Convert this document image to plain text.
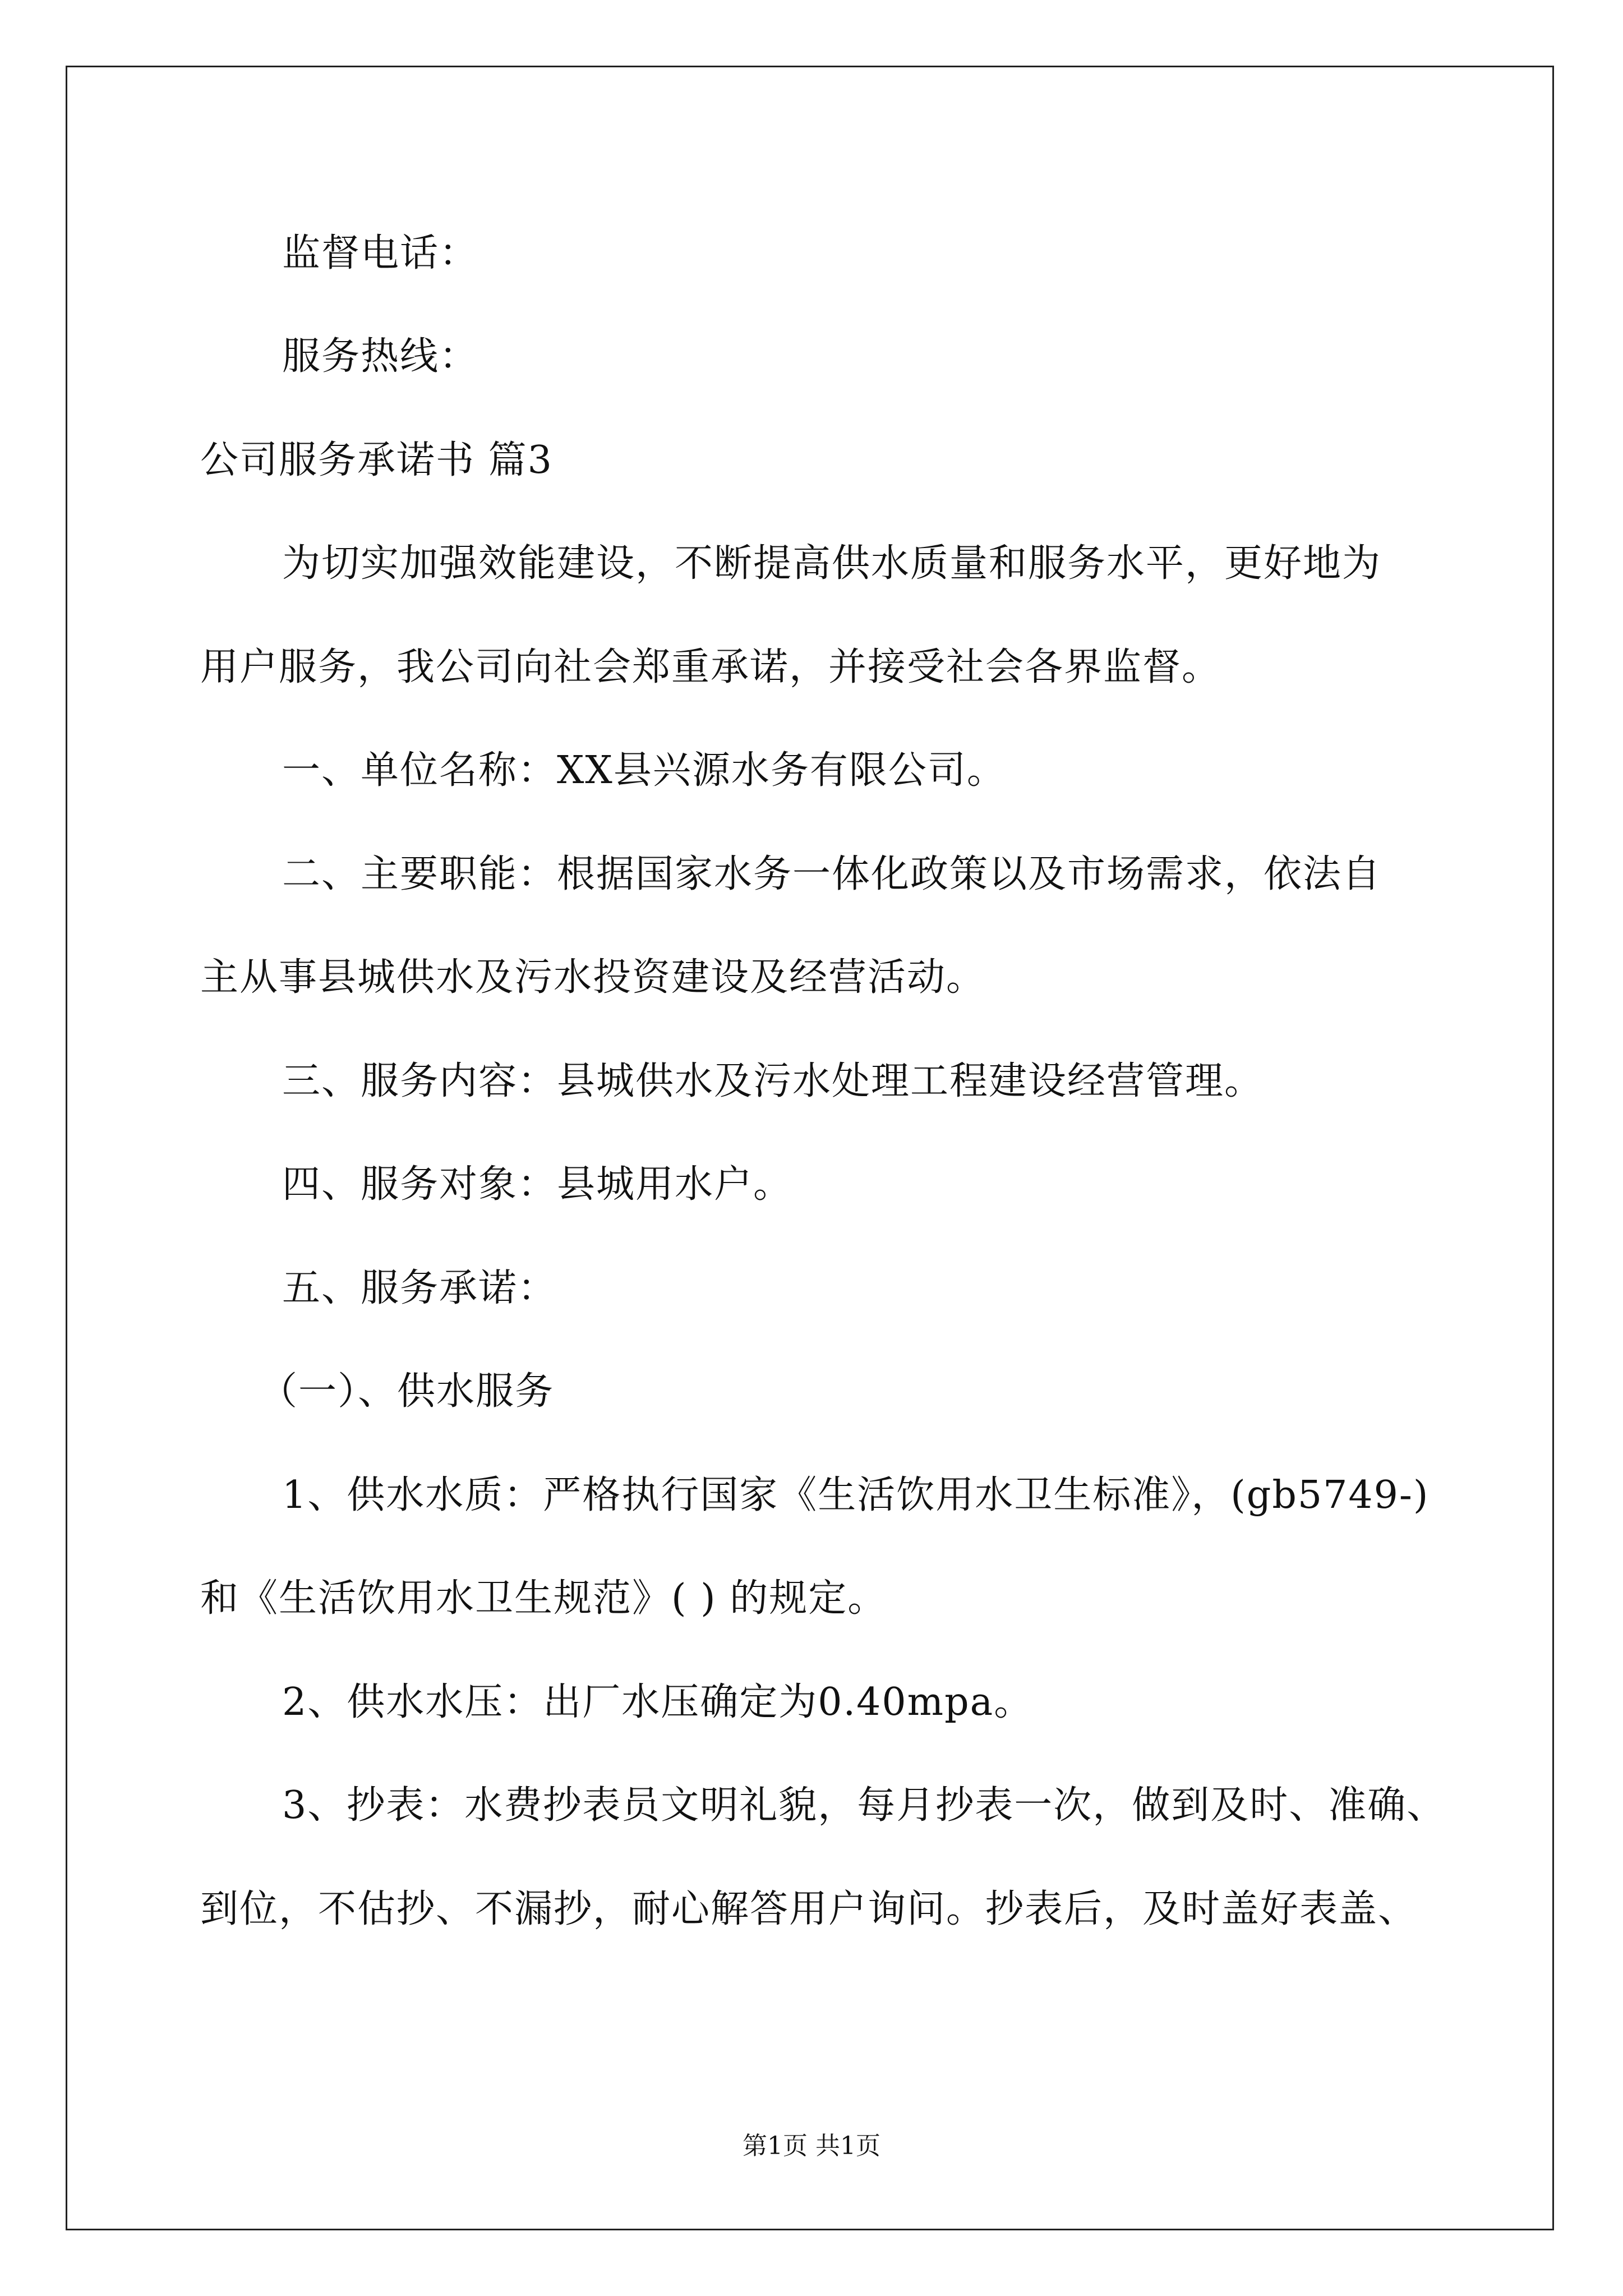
监督电话：
服务热线：
公司服务承诺书 篇3
为切实加强效能建设，不断提高供水质量和服务水平，更好地为
用户服务，我公司向社会郑重承诺，并接受社会各界监督。
一、单位名称：XX县兴源水务有限公司。
二、主要职能：根据国家水务一体化政策以及市场需求，依法自
主从事县城供水及污水投资建设及经营活动。
三、服务内容：县城供水及污水处理工程建设经营管理。
四、服务对象：县城用水户。
五、服务承诺：
（一）、供水服务
1、供水水质：严格执行国家《生活饮用水卫生标准》，(gb5749-)
和《生活饮用水卫生规范》( ) 的规定。
2、供水水压：出厂水压确定为0.40mpa。
3、抄表：水费抄表员文明礼貌，每月抄表一次，做到及时、准确、
到位，不估抄、不漏抄，耐心解答用户询问。抄表后，及时盖好表盖、
第1页 共1页
